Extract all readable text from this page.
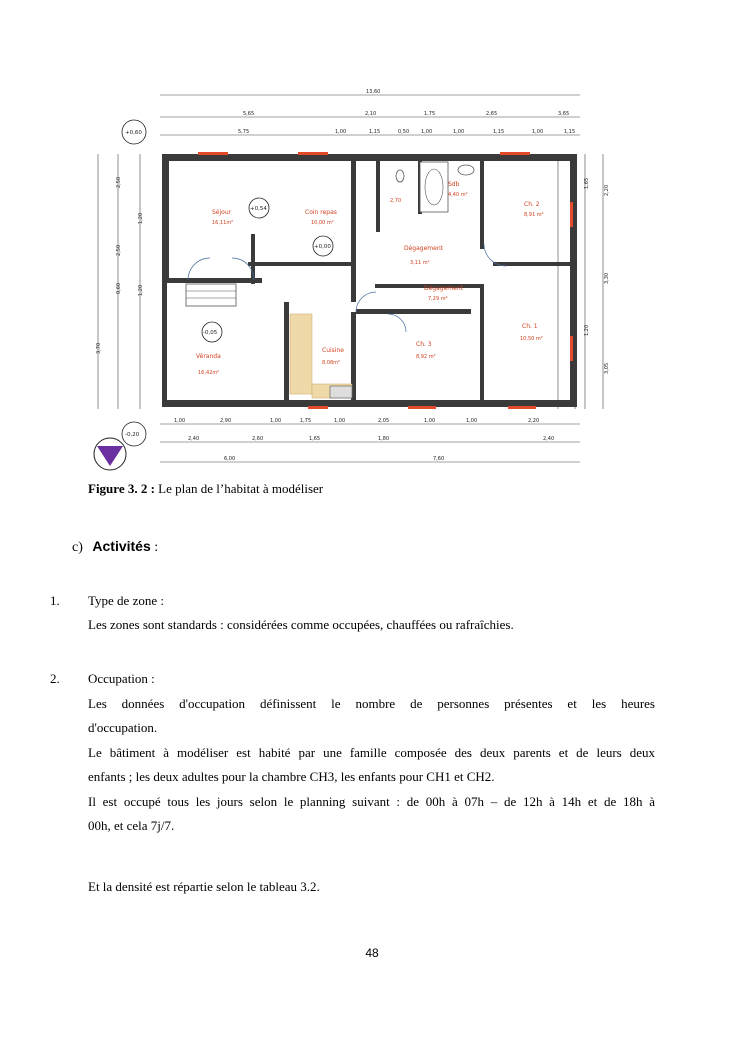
13,60
5,65	2,10	1,75	2,65	3,65
5,75	1,00	1,15	0,50 1,00	1,00	1,15	1,00	1,15
2,50
1,20
2,50
0,60	1,20
3,70
1,65
2,20
3,30
1,20
3,05
1,00	2,90	1,00	1,75	1,00	2,05	1,00	1,00	2,20
2,40	2,60	1,65	1,80	2,40
6,00	7,60
Séjour
16,11m²
Coin repas
10,00 m²
2,70
Sdb
4,40 m²
Ch. 2
8,91 m²
Dégagement
3,11 m²
Dégagement
7,29 m²
Véranda
16,42m²
Cuisine
8,08m²
Ch. 3
8,92 m²
Ch. 1
10,50 m²
+0,60
+0,54
+0,00
-0,05
-0,20
Figure 3. 2 : Le plan de l’habitat à modéliser
c) Activités :
1. Type de zone :
Les zones sont standards : considérées comme occupées, chauffées ou rafraîchies.
2. Occupation :
Les données d'occupation définissent le nombre de personnes présentes et les heures
d'occupation.
Le bâtiment à modéliser est habité par une famille composée des deux parents et de leurs deux
enfants ; les deux adultes pour la chambre CH3, les enfants pour CH1 et CH2.
Il est occupé tous les jours selon le planning suivant : de 00h à 07h – de 12h à 14h et de 18h à
00h, et cela 7j/7.
Et la densité est répartie selon le tableau 3.2.
48
